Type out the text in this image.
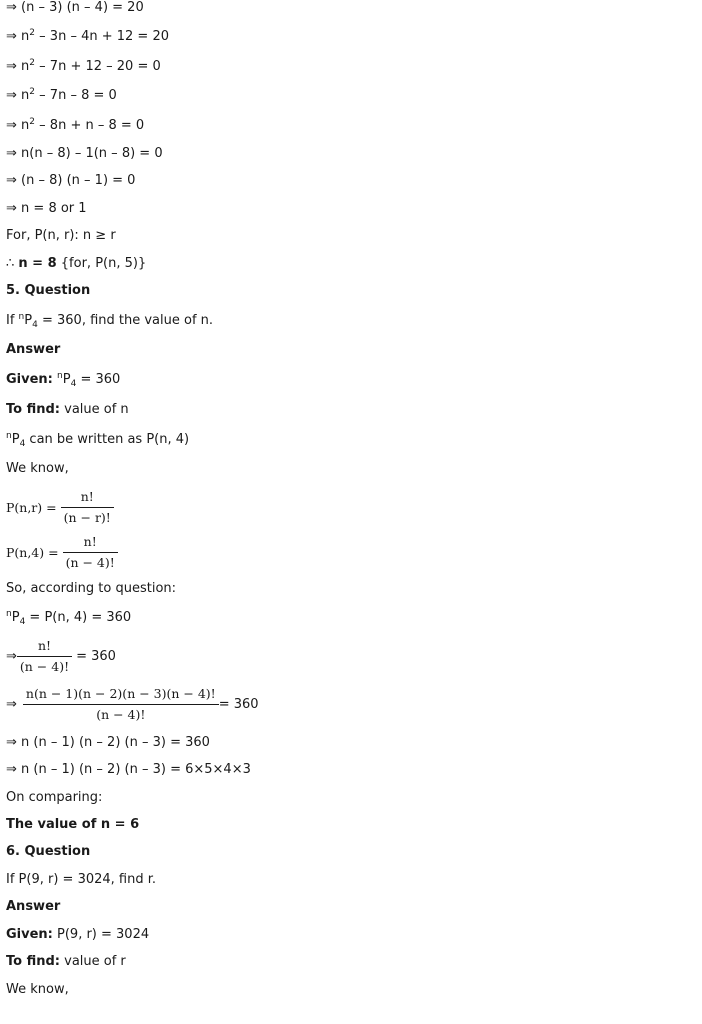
⇒ (n – 3) (n – 4) = 20
⇒ $n^2 - 3n - 4n + 12 = 20$
⇒ $n^2 - 7n + 12 - 20 = 0$
⇒ $n^2 - 7n - 8 = 0$
⇒ $n^2 - 8n + n - 8 = 0$
⇒ n(n – 8) – 1(n – 8) = 0
⇒ (n – 8) (n – 1) = 0
⇒ n = 8 or 1
For, P(n, r): n ≥ r
∴ n = 8 {for, P(n, 5)}
5. Question
If $^nP_4 = 360$, find the value of n.
Answer
Given: $^nP_4 = 360$
To find: value of n
$^nP_4$ can be written as P(n, 4)
We know,
P(n,r) =
$\frac{n!}{(n - r)!}$
P(n,4) =
$\frac{n!}{(n - 4)!}$
So, according to question:
$^nP_4 = P(n$, 4) = 360
⇒ $\frac{n!}{(n - 4)!} = 360$
⇒ $\frac{n(n - 1)(n - 2)(n - 3)(n - 4)!}{(n - 4)!} = 360$
⇒ n (n – 1) (n – 2) (n – 3) = 360
⇒ n (n – 1) (n – 2) (n – 3) = 6×5×4×3
On comparing:
The value of n = 6
6. Question
If P(9, r) = 3024, find r.
Answer
Given: P(9, r) = 3024
To find: value of r
We know,
